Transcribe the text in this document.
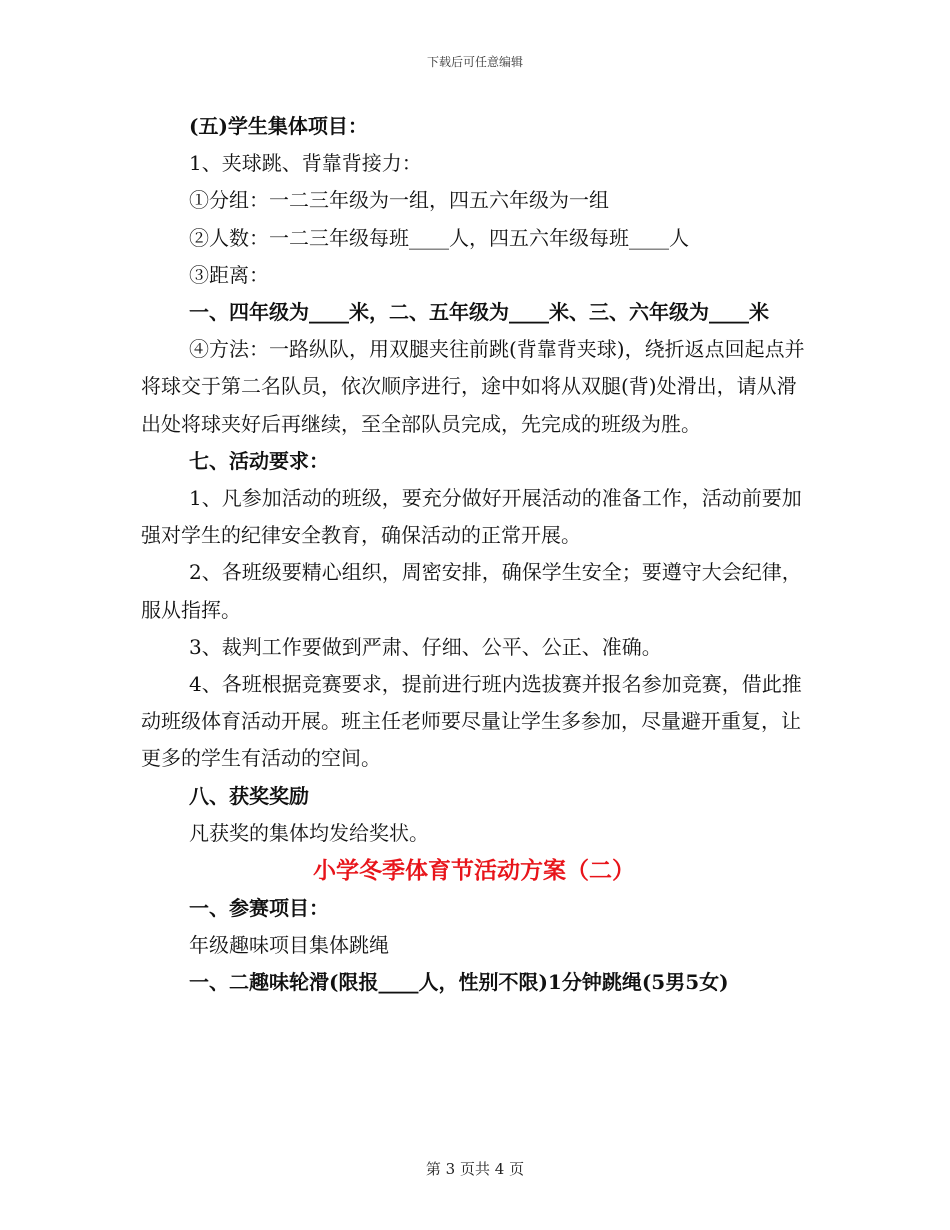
下载后可任意编辑

(五)学生集体项目：

1、夹球跳、背靠背接力：

①分组：一二三年级为一组，四五六年级为一组

②人数：一二三年级每班____人，四五六年级每班____人

③距离：

一、四年级为____米，二、五年级为____米、三、六年级为____米

④方法：一路纵队，用双腿夹往前跳(背靠背夹球)，绕折返点回起点并将球交于第二名队员，依次顺序进行，途中如将从双腿(背)处滑出，请从滑出处将球夹好后再继续，至全部队员完成，先完成的班级为胜。

七、活动要求：

1、凡参加活动的班级，要充分做好开展活动的准备工作，活动前要加强对学生的纪律安全教育，确保活动的正常开展。

2、各班级要精心组织，周密安排，确保学生安全；要遵守大会纪律，服从指挥。

3、裁判工作要做到严肃、仔细、公平、公正、准确。

4、各班根据竞赛要求，提前进行班内选拔赛并报名参加竞赛，借此推动班级体育活动开展。班主任老师要尽量让学生多参加，尽量避开重复，让更多的学生有活动的空间。

八、获奖奖励

凡获奖的集体均发给奖状。

小学冬季体育节活动方案（二）

一、参赛项目：

年级趣味项目集体跳绳

一、二趣味轮滑(限报____人，性别不限)1分钟跳绳(5男5女)

第 3 页共 4 页
